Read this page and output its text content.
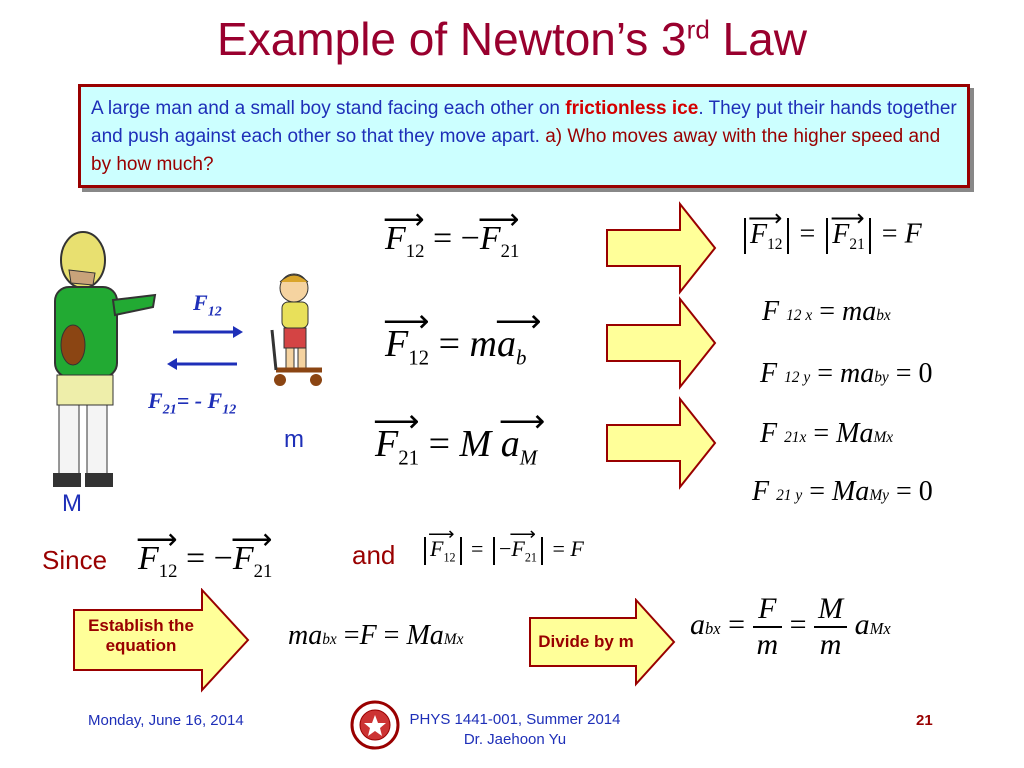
Example of Newton’s 3rd Law
A large man and a small boy stand facing each other on frictionless ice. They put their hands together and push against each other so that they move apart. a) Who moves away with the higher speed and by how much?
$F_{12}$
$F_{21}= - F_{12}$
m
M
⟶ $F_{12}$ = −⟶ $F_{21}$
⟶ $F_{12}$ = m⟶ $a_b$
⟶ $F_{21} = M$ ⟶ $a_M$
⟶ $F_{12}$ = ⟶ $F_{21} = F$
F 12 x = mabx
F 12 y = maby = 0
F 21x = MaMx
F 21 y = MaMy = 0
Since ⟶ $F_{12}$ = −⟶ $F_{21}$
and	⟶ $F_{12}$ = −⟶ $F_{21} = F$
Establish the equation	mabx =F = MaMx	Divide by m
abx = $\frac{F}{m} = \frac{M}{m}$ aMx
Monday, June 16, 2014	PHYS 1441-001, Summer 2014
Dr. Jaehoon Yu
21
